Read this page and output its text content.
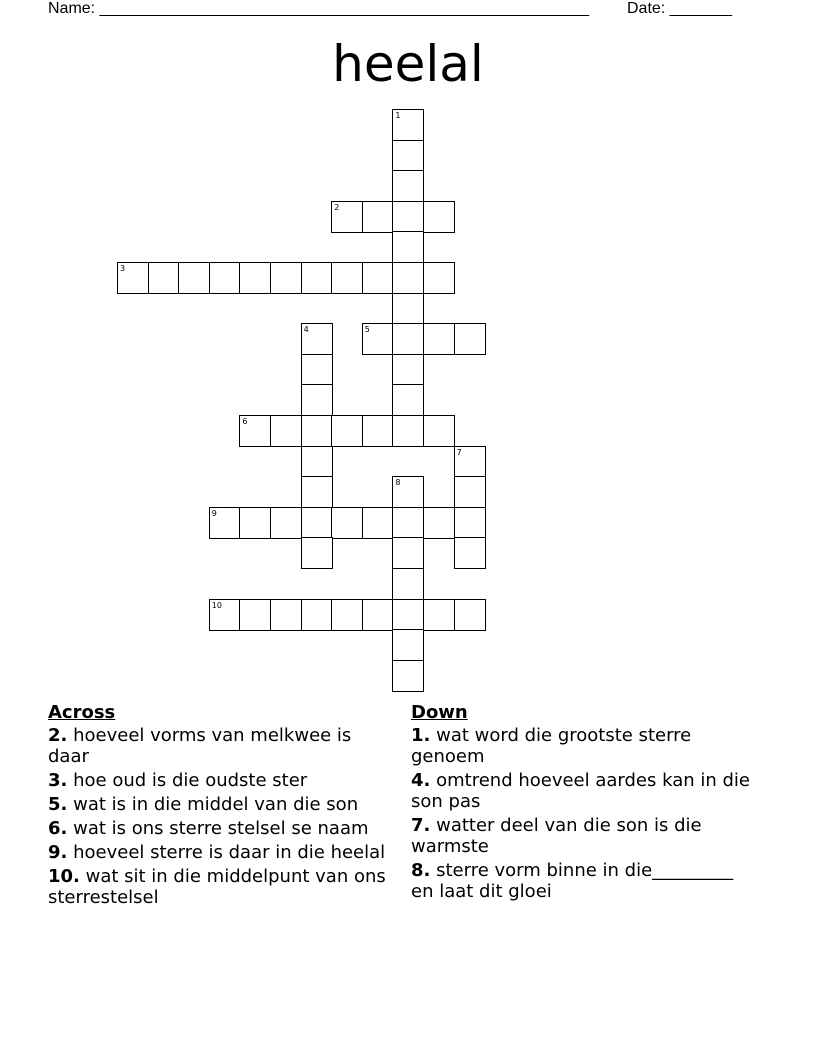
Name: _______________________________________________________ Date: _______
heelal
1
2
3
4	5
6
7
8
9
10
Across
2. hoeveel vorms van melkwee is daar
3. hoe oud is die oudste ster
5. wat is in die middel van die son
6. wat is ons sterre stelsel se naam
9. hoeveel sterre is daar in die heelal
10. wat sit in die middelpunt van ons sterrestelsel
Down
1. wat word die grootste sterre genoem
4. omtrend hoeveel aardes kan in die son pas
7. watter deel van die son is die warmste
8. sterre vorm binne in die_________ en laat dit gloei
